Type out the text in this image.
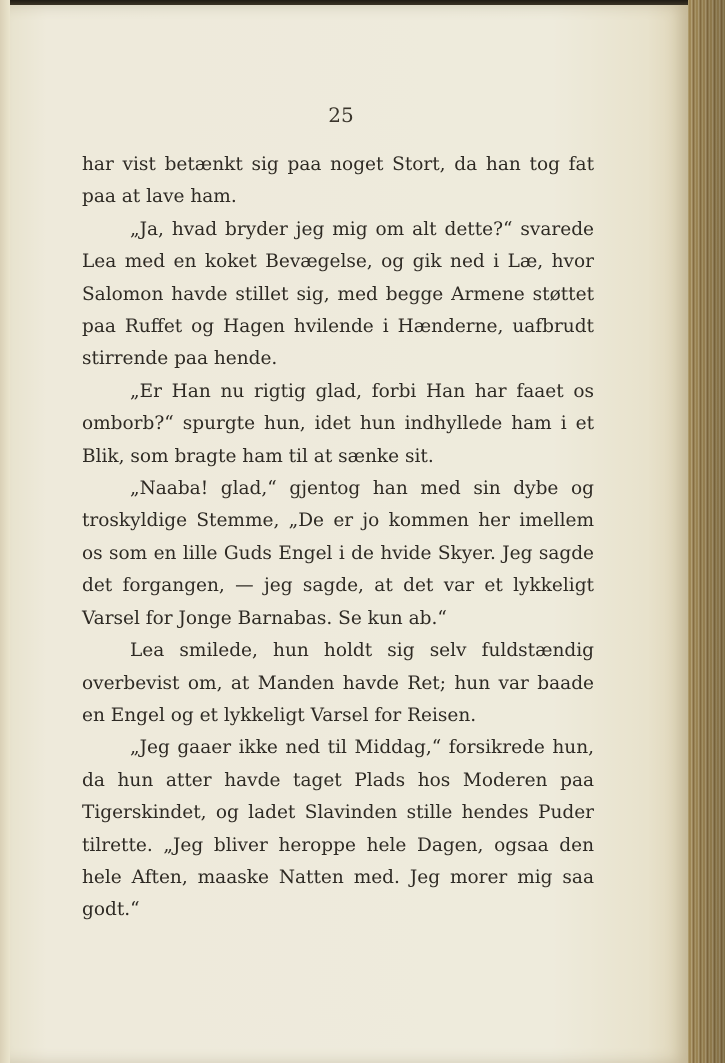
25

har vist betænkt sig paa noget Stort, da han tog fat paa at lave ham.

„Ja, hvad bryder jeg mig om alt dette?“ svarede Lea med en koket Bevægelse, og gik ned i Læ, hvor Salomon havde stillet sig, med begge Armene støttet paa Ruffet og Hagen hvilende i Hænderne, uafbrudt stirrende paa hende.

„Er Han nu rigtig glad, forbi Han har faaet os omborb?“ spurgte hun, idet hun indhyllede ham i et Blik, som bragte ham til at sænke sit.

„Naaba! glad,“ gjentog han med sin dybe og troskyldige Stemme, „De er jo kommen her imellem os som en lille Guds Engel i de hvide Skyer. Jeg sagde det forgangen, — jeg sagde, at det var et lykkeligt Varsel for Jonge Barnabas. Se kun ab.“

Lea smilede, hun holdt sig selv fuldstændig overbevist om, at Manden havde Ret; hun var baade en Engel og et lykkeligt Varsel for Reisen.

„Jeg gaaer ikke ned til Middag,“ forsikrede hun, da hun atter havde taget Plads hos Moderen paa Tigerskindet, og ladet Slavinden stille hendes Puder tilrette. „Jeg bliver heroppe hele Dagen, ogsaa den hele Aften, maaske Natten med. Jeg morer mig saa godt.“
